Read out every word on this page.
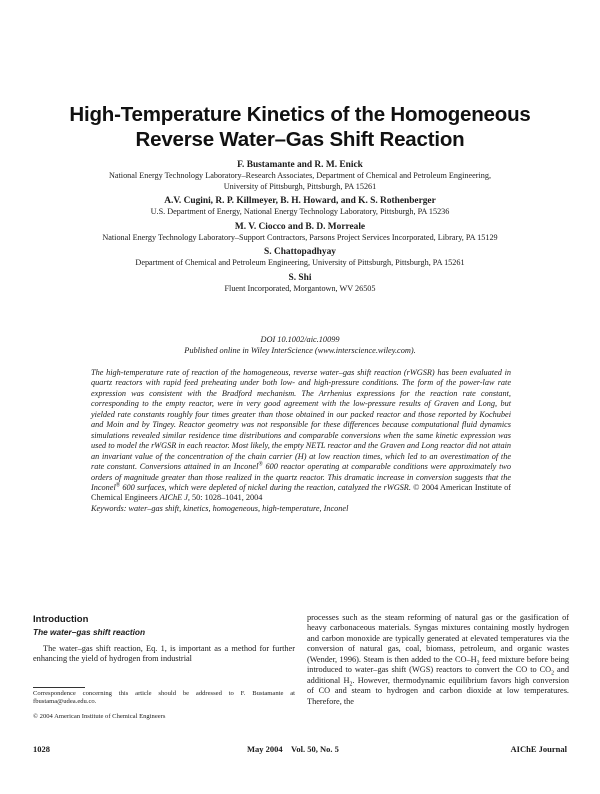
High-Temperature Kinetics of the Homogeneous
Reverse Water–Gas Shift Reaction
F. Bustamante and R. M. Enick
National Energy Technology Laboratory–Research Associates, Department of Chemical and Petroleum Engineering,
University of Pittsburgh, Pittsburgh, PA 15261
A.V. Cugini, R. P. Killmeyer, B. H. Howard, and K. S. Rothenberger
U.S. Department of Energy, National Energy Technology Laboratory, Pittsburgh, PA 15236
M. V. Ciocco and B. D. Morreale
National Energy Technology Laboratory–Support Contractors, Parsons Project Services Incorporated, Library, PA 15129
S. Chattopadhyay
Department of Chemical and Petroleum Engineering, University of Pittsburgh, Pittsburgh, PA 15261
S. Shi
Fluent Incorporated, Morgantown, WV 26505
DOI 10.1002/aic.10099
Published online in Wiley InterScience (www.interscience.wiley.com).

The high-temperature rate of reaction of the homogeneous, reverse water–gas shift reaction (rWGSR) has been evaluated in quartz reactors with rapid feed preheating under both low- and high-pressure conditions. The form of the power-law rate expression was consistent with the Bradford mechanism. The Arrhenius expressions for the reaction rate constant, corresponding to the empty reactor, were in very good agreement with the low-pressure results of Graven and Long, but yielded rate constants roughly four times greater than those obtained in our packed reactor and those reported by Kochubei and Moin and by Tingey. Reactor geometry was not responsible for these differences because computational fluid dynamics simulations revealed similar residence time distributions and comparable conversions when the same kinetic expression was used to model the rWGSR in each reactor. Most likely, the empty NETL reactor and the Graven and Long reactor did not attain an invariant value of the concentration of the chain carrier (H) at low reaction times, which led to an overestimation of the rate constant. Conversions attained in an Inconel® 600 reactor operating at comparable conditions were approximately two orders of magnitude greater than those realized in the quartz reactor. This dramatic increase in conversion suggests that the Inconel® 600 surfaces, which were depleted of nickel during the reaction, catalyzed the rWGSR. © 2004 American Institute of Chemical Engineers AIChE J, 50: 1028–1041, 2004

Keywords: water–gas shift, kinetics, homogeneous, high-temperature, Inconel

Introduction
The water–gas shift reaction

The water–gas shift reaction, Eq. 1, is important as a method for further enhancing the yield of hydrogen from industrial

Correspondence concerning this article should be addressed to F. Bustamante at fbustama@udea.edu.co.
© 2004 American Institute of Chemical Engineers

processes such as the steam reforming of natural gas or the gasification of heavy carbonaceous materials. Syngas mixtures containing mostly hydrogen and carbon monoxide are typically generated at elevated temperatures via the conversion of natural gas, coal, biomass, petroleum, and organic wastes (Wender, 1996). Steam is then added to the $CO-H_2$ feed mixture before being introduced to water–gas shift (WGS) reactors to convert the CO to $CO_2$ and additional $H_2$. However, thermodynamic equilibrium favors high conversion of CO and steam to hydrogen and carbon dioxide at low temperatures. Therefore, the

1028	May 2004    Vol. 50, No. 5	AIChE Journal
